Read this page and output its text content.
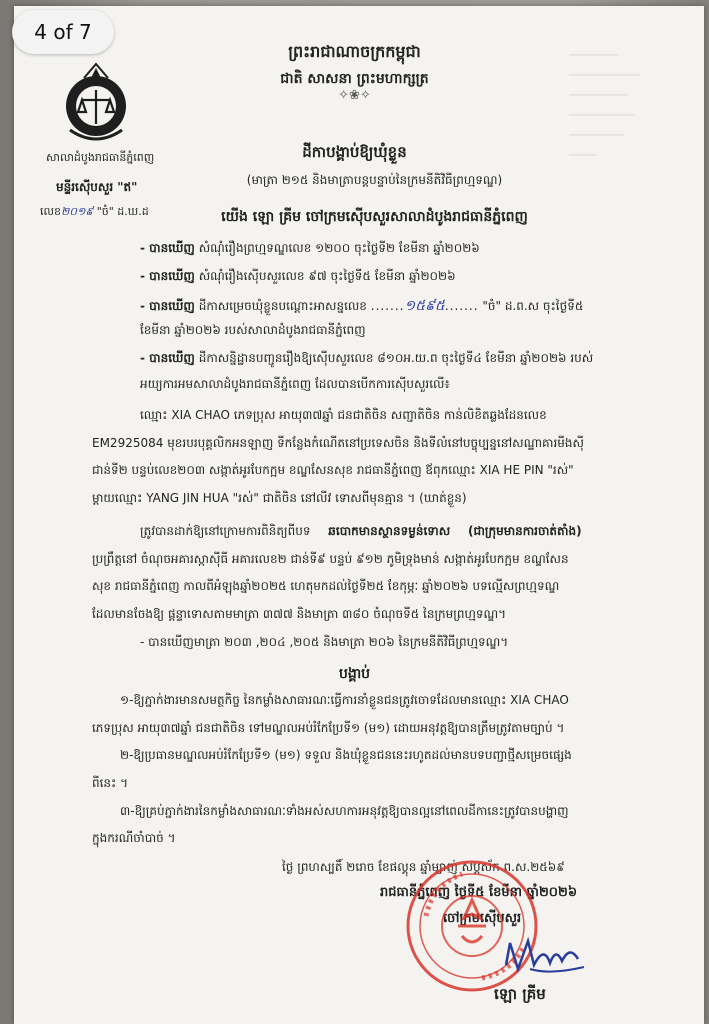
─────────
─────────────
───────────
────────────
──────────
─────
4 of 7
ព្រះរាជាណាចក្រកម្ពុជា
ជាតិ សាសនា ព្រះមហាក្សត្រ
✧❀✧
សាលាដំបូងរាជធានីភ្នំពេញ
មន្ទីរស៊ើបសួរ "ឥ"
លេខ២០១៩ "ចំ" ដ.ឃ.ដ
ដីកាបង្គាប់ឱ្យឃុំខ្លួន
(មាត្រា ២១៥ និងមាត្រាបន្តបន្ទាប់នៃក្រមនីតិវិធីព្រហ្មទណ្ឌ)
យើង ឡោ គ្រីម ចៅក្រមស៊ើបសួរសាលាដំបូងរាជធានីភ្នំពេញ
- បានឃើញ សំណុំរឿងព្រហ្មទណ្ឌលេខ ១២០០ ចុះថ្ងៃទី២ ខែមីនា ឆ្នាំ២០២៦
- បានឃើញ សំណុំរឿងស៊ើបសួរលេខ ៩៧ ចុះថ្ងៃទី៥ ខែមីនា ឆ្នាំ២០២៦
- បានឃើញ ដីកាសម្រេចឃុំខ្លួនបណ្ដោះអាសន្នលេខ .......១៥៩៥....... "ចំ" ដ.ព.ស ចុះថ្ងៃទី៥
ខែមីនា ឆ្នាំ២០២៦ របស់សាលាដំបូងរាជធានីភ្នំពេញ
- បានឃើញ ដីកាសន្និដ្ឋានបញ្ជូនរឿងឱ្យស៊ើបសួរលេខ ៨១០អ.យ.ព ចុះថ្ងៃទី៤ ខែមីនា ឆ្នាំ២០២៦ របស់
អយ្យការអមសាលាដំបូងរាជធានីភ្នំពេញ ដែលបានបើកការស៊ើបសួរលើ៖
ឈ្មោះ XIA CHAO ភេទប្រុស អាយុ៣៧ឆ្នាំ ជនជាតិចិន សញ្ជាតិចិន កាន់លិខិតឆ្លងដែនលេខ
EM2925084 មុខរបរបុគ្គលិកអនឡាញ ទីកន្លែងកំណើតនៅប្រទេសចិន និងទីលំនៅបច្ចុប្បន្ននៅសណ្ឋាគារមីងស៊ី
ជាន់ទី២ បន្ទប់លេខ២០៣ សង្កាត់អូរបែកក្អម ខណ្ឌសែនសុខ រាជធានីភ្នំពេញ ឪពុកឈ្មោះ XIA HE PIN "រស់"
ម្ដាយឈ្មោះ YANG JIN HUA "រស់" ជាតិចិន នៅលីវ ទោសពីមុនគ្មាន ។ (ឃាត់ខ្លួន)
ត្រូវបានដាក់ឱ្យនៅក្រោមការពិនិត្យពីបទ ឆបោកមានស្ថានទម្ងន់ទោស (ជាក្រុមមានការចាត់តាំង)
ប្រព្រឹត្តនៅ ចំណុចអគារស្កាស៊ីធី អគារលេខ២ ជាន់ទី៩ បន្ទប់ ៩១២ ភូមិទ្រុងមាន់ សង្កាត់អូរបែកក្អម ខណ្ឌសែន
សុខ រាជធានីភ្នំពេញ កាលពីអំឡុងឆ្នាំ២០២៥ ហេតុមកដល់ថ្ងៃទី២៥ ខែកុម្ភៈ ឆ្នាំ២០២៦ បទល្មើសព្រហ្មទណ្ឌ
ដែលមានចែងឱ្យ ផ្ដន្ទាទោសតាមមាត្រា ៣៧៧ និងមាត្រា ៣៨០ ចំណុចទី៥ នៃក្រមព្រហ្មទណ្ឌ។
- បានឃើញមាត្រា ២០៣ ,២០៤ ,២០៥ និងមាត្រា ២០៦ នៃក្រមនីតិវិធីព្រហ្មទណ្ឌ។
បង្គាប់
១-ឱ្យភ្នាក់ងារមានសមត្ថកិច្ច នៃកម្លាំងសាធារណៈធ្វើការនាំខ្លួនជនត្រូវចោទដែលមានឈ្មោះ XIA CHAO
ភេទប្រុស អាយុ៣៧ឆ្នាំ ជនជាតិចិន ទៅមណ្ឌលអប់រំកែប្រែទី១ (ម១) ដោយអនុវត្តឱ្យបានត្រឹមត្រូវតាមច្បាប់ ។
២-ឱ្យប្រធានមណ្ឌលអប់រំកែប្រែទី១ (ម១) ទទួល និងឃុំខ្លួនជននេះរហូតដល់មានបទបញ្ជាថ្មីសម្រេចផ្សេង
ពីនេះ ។
៣-ឱ្យគ្រប់ភ្នាក់ងារនៃកម្លាំងសាធារណៈទាំងអស់សហការអនុវត្តឱ្យបានល្អនៅពេលដីកានេះត្រូវបានបង្ហាញ
ក្នុងករណីចាំបាច់ ។
ថ្ងៃ ព្រហស្បតិ៍ ២រោច ខែផល្គុន ឆ្នាំម្សាញ់ សប្តស័ក ព.ស.២៥៦៩
រាជធានីភ្នំពេញ ថ្ងៃទី៥ ខែមីនា ឆ្នាំ២០២៦
ចៅក្រមស៊ើបសួរ
ឡោ គ្រីម
